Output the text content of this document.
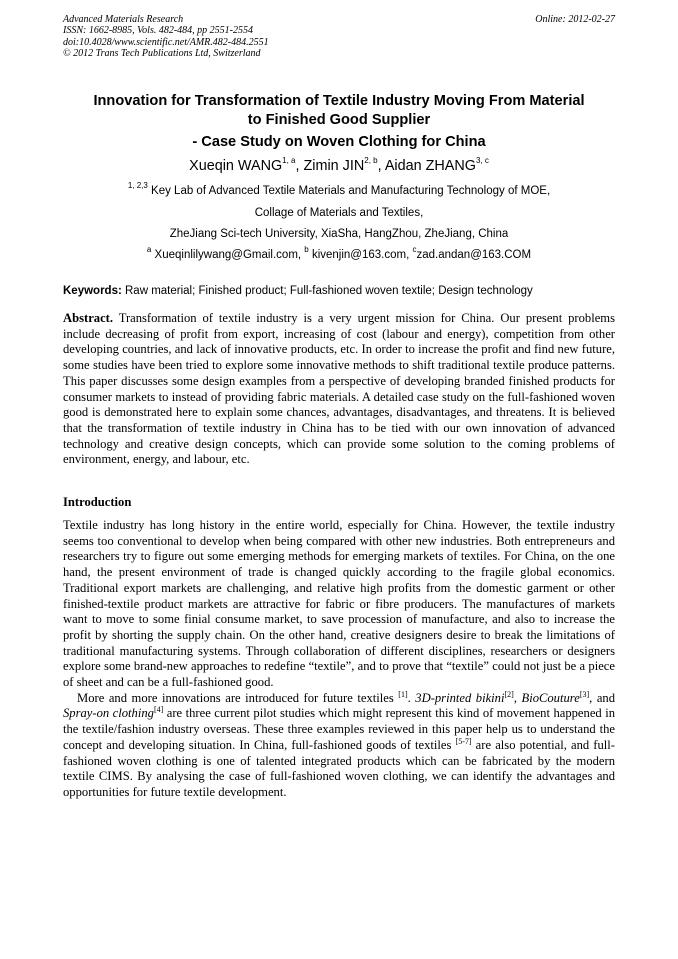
Advanced Materials Research
ISSN: 1662-8985, Vols. 482-484, pp 2551-2554
doi:10.4028/www.scientific.net/AMR.482-484.2551
© 2012 Trans Tech Publications Ltd, Switzerland
Online: 2012-02-27
Innovation for Transformation of Textile Industry Moving From Material
to Finished Good Supplier
- Case Study on Woven Clothing for China
Xueqin WANG$^{1, a}$, Zimin JIN$^{2, b}$, Aidan ZHANG$^{3, c}$
$^{1, 2,3}$ Key Lab of Advanced Textile Materials and Manufacturing Technology of MOE,
Collage of Materials and Textiles,
ZheJiang Sci-tech University, XiaSha, HangZhou, ZheJiang, China
$^a$ Xueqinlilywang@Gmail.com, $^b$ kivenjin@163.com, $^c$zad.andan@163.COM
Keywords: Raw material; Finished product; Full-fashioned woven textile; Design technology
Abstract. Transformation of textile industry is a very urgent mission for China. Our present problems include decreasing of profit from export, increasing of cost (labour and energy), competition from other developing countries, and lack of innovative products, etc. In order to increase the profit and find new future, some studies have been tried to explore some innovative methods to shift traditional textile produce patterns. This paper discusses some design examples from a perspective of developing branded finished products for consumer markets to instead of providing fabric materials. A detailed case study on the full-fashioned woven good is demonstrated here to explain some chances, advantages, disadvantages, and threatens. It is believed that the transformation of textile industry in China has to be tied with our own innovation of advanced technology and creative design concepts, which can provide some solution to the coming problems of environment, energy, and labour, etc.
Introduction

Textile industry has long history in the entire world, especially for China. However, the textile industry seems too conventional to develop when being compared with other new industries. Both entrepreneurs and researchers try to figure out some emerging methods for emerging markets of textiles. For China, on the one hand, the present environment of trade is changed quickly according to the fragile global economics. Traditional export markets are challenging, and relative high profits from the domestic garment or other finished-textile product markets are attractive for fabric or fibre producers. The manufactures of markets want to move to some finial consume market, to save procession of manufacture, and also to increase the profit by shorting the supply chain. On the other hand, creative designers desire to break the limitations of traditional manufacturing systems. Through collaboration of different disciplines, researchers or designers explore some brand-new approaches to redefine “textile”, and to prove that “textile” could not just be a piece of sheet and can be a full-fashioned good.

More and more innovations are introduced for future textiles [1]. 3D-printed bikini[2], BioCouture[3], and Spray-on clothing[4] are three current pilot studies which might represent this kind of movement happened in the textile/fashion industry overseas. These three examples reviewed in this paper help us to understand the concept and developing situation. In China, full-fashioned goods of textiles [5-7] are also potential, and full-fashioned woven clothing is one of talented integrated products which can be fabricated by the modern textile CIMS. By analysing the case of full-fashioned woven clothing, we can identify the advantages and opportunities for future textile development.
